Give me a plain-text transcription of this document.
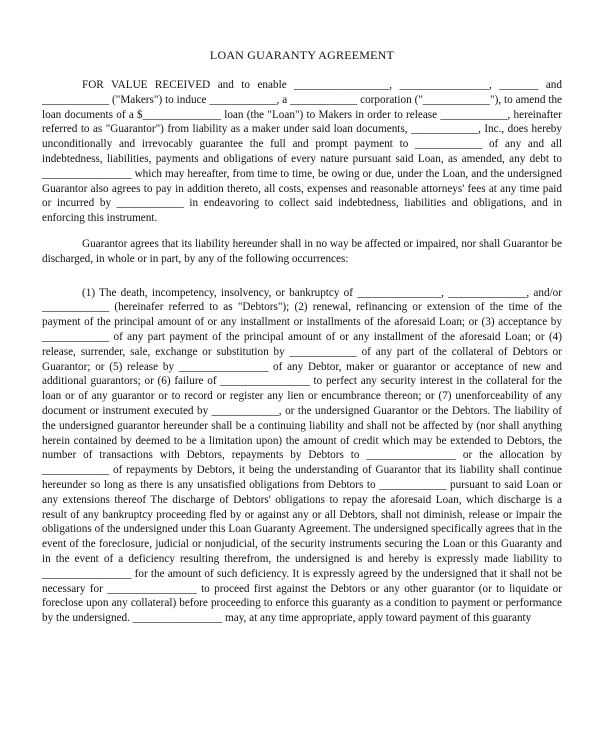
LOAN GUARANTY AGREEMENT

FOR VALUE RECEIVED and to enable _________________, ________________, _______ and ____________ ("Makers") to induce ____________, a ____________ corporation ("____________"), to amend the loan documents of a $______________ loan (the "Loan") to Makers in order to release ____________, hereinafter referred to as "Guarantor") from liability as a maker under said loan documents, ____________, Inc., does hereby unconditionally and irrevocably guarantee the full and prompt payment to ____________ of any and all indebtedness, liabilities, payments and obligations of every nature pursuant said Loan, as amended, any debt to ________________ which may hereafter, from time to time, be owing or due, under the Loan, and the undersigned Guarantor also agrees to pay in addition thereto, all costs, expenses and reasonable attorneys' fees at any time paid or incurred by ____________ in endeavoring to collect said indebtedness, liabilities and obligations, and in enforcing this instrument.

Guarantor agrees that its liability hereunder shall in no way be affected or impaired, nor shall Guarantor be discharged, in whole or in part, by any of the following occurrences:

(1) The death, incompetency, insolvency, or bankruptcy of _______________, ______________, and/or ____________ (hereinafer referred to as "Debtors"); (2) renewal, refinancing or extension of the time of the payment of the principal amount of or any installment or installments of the aforesaid Loan; or (3) acceptance by ____________ of any part payment of the principal amount of or any installment of the aforesaid Loan; or (4) release, surrender, sale, exchange or substitution by ____________ of any part of the collateral of Debtors or Guarantor; or (5) release by ________________ of any Debtor, maker or guarantor or acceptance of new and additional guarantors; or (6) failure of ________________ to perfect any security interest in the collateral for the loan or of any guarantor or to record or register any lien or encumbrance thereon; or (7) unenforceability of any document or instrument executed by ____________, or the undersigned Guarantor or the Debtors. The liability of the undersigned guarantor hereunder shall be a continuing liability and shall not be affected by (nor shall anything herein contained by deemed to be a limitation upon) the amount of credit which may be extended to Debtors, the number of transactions with Debtors, repayments by Debtors to ________________ or the allocation by ____________ of repayments by Debtors, it being the understanding of Guarantor that its liability shall continue hereunder so long as there is any unsatisfied obligations from Debtors to ____________ pursuant to said Loan or any extensions thereof The discharge of Debtors' obligations to repay the aforesaid Loan, which discharge is a result of any bankruptcy proceeding fled by or against any or all Debtors, shall not diminish, release or impair the obligations of the undersigned under this Loan Guaranty Agreement. The undersigned specifically agrees that in the event of the foreclosure, judicial or nonjudicial, of the security instruments securing the Loan or this Guaranty and in the event of a deficiency resulting therefrom, the undersigned is and hereby is expressly made liability to ________________ for the amount of such deficiency. It is expressly agreed by the undersigned that it shall not be necessary for ________________ to proceed first against the Debtors or any other guarantor (or to liquidate or foreclose upon any collateral) before proceeding to enforce this guaranty as a condition to payment or performance by the undersigned. ________________ may, at any time appropriate, apply toward payment of this guaranty
